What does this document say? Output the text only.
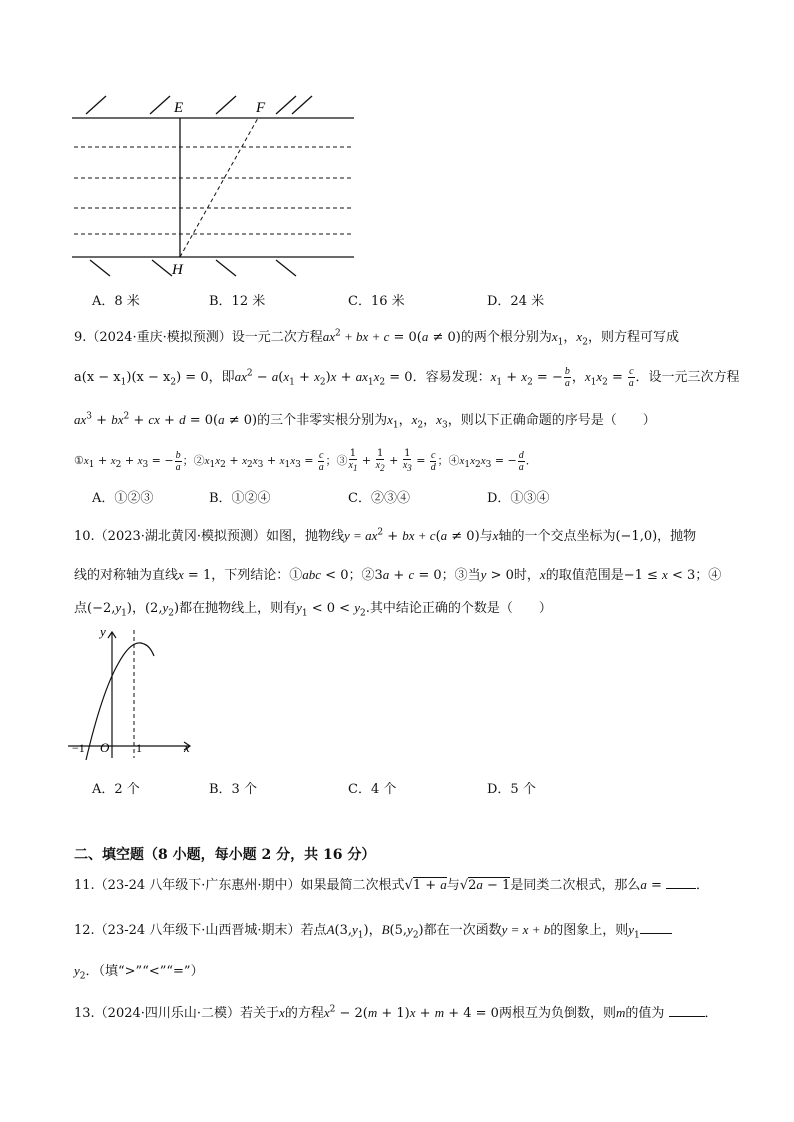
E	F
H
A．8 米	B．12 米	C．16 米	D．24 米
9.（2024·重庆·模拟预测）设一元二次方程$ax^2$ + bx + c = 0(a ≠ 0)的两个根分别为$x_1$，$x_2$，则方程可写成
$a(x - x_1)(x - x_2) = 0$，即$ax^2 - a(x_1 + x_2)x + ax_1x_2 = 0$．容易发现：$x_1 + x_2$ = − $\frac{b}{a}$ ，$x_1x_2 = \frac{c}{a}$ ．设一元三次方程
$ax^3 + bx^2$ + cx + d = 0(a ≠ 0)的三个非零实根分别为$x_1$，$x_2$，$x_3$，则以下正确命题的序号是（　　）
$①x_1 + x_2 + x_3$ = − $\frac{b}{a}$ ；$②x_1x_2 + x_2x_3 + x_1x_3 = \frac{c}{a}$ ；③ $\frac{1}{x_1} + \frac{1}{x_2} + \frac{1}{x_3} = \frac{c}{d}$ ；$④x_1x_2x_3$ = − $\frac{d}{a}$ ．
A．①②③	B．①②④	C．②③④	D．①③④
10.（2023·湖北黄冈·模拟预测）如图，抛物线$y = ax^2$ + bx + c(a ≠ 0)与x轴的一个交点坐标为(−1,0)，抛物
线的对称轴为直线x = 1，下列结论：①abc < 0；②3a + c = 0；③当y > 0时，x的取值范围是−1 ≤ x < 3；④
点$(-2,y_1)$，$(2,y_2)$都在抛物线上，则有$y_1 < 0 < y_2$.其中结论正确的个数是（　　）
y
x
O
−1	1
A．2 个	B．3 个	C．4 个	D．5 个
二、填空题（8 小题，每小题 2 分，共 16 分）
11.（23-24 八年级下·广东惠州·期中）如果最简二次根式√1 + a与√2a − 1是同类二次根式，那么a = ．
12.（23-24 八年级下·山西晋城·期末）若点$A(3,y_1)$，$B(5,y_2)$都在一次函数y = x + b的图象上，则$y_1$
$y_2$．（填“>”“<”“=”）
13.（2024·四川乐山·二模）若关于x的方程$x^2 - 2(m + 1)x + m + 4 = 0$两根互为负倒数，则m的值为	．
